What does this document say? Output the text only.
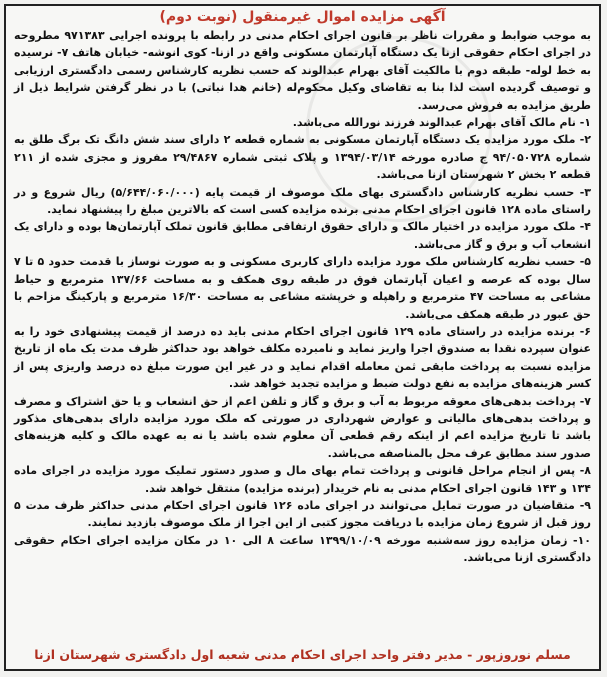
آگهی مزایده اموال غیرمنقول (نوبت دوم)

به موجب ضوابط و مقررات ناظر بر قانون اجرای احکام مدنی در رابطه با پرونده اجرایی ۹۷۱۳۸۳ مطروحه در اجرای احکام حقوقی ازنا یک دستگاه آپارتمان مسکونی واقع در ازنا- کوی انوشه- خیابان هاتف ۷- نرسیده به خط لوله- طبقه دوم با مالکیت آقای بهرام عبدالوند که حسب نظریه کارشناس رسمی دادگستری ارزیابی و توصیف گردیده است لذا بنا به تقاضای وکیل محکوم‌له (خانم هدا نباتی) با در نظر گرفتن شرایط ذیل از طریق مزایده به فروش می‌رسد.

۱- نام مالک آقای بهرام عبدالوند فرزند نورالله می‌باشد.

۲- ملک مورد مزایده یک دستگاه آپارتمان مسکونی به شماره قطعه ۲ دارای سند شش دانگ تک برگ طلق به شماره ۹۴/۰۵۰۷۲۸ ج صادره مورخه ۱۳۹۴/۰۳/۱۴ و پلاک ثبتی شماره ۲۹/۴۸۶۷ مفروز و مجزی شده از ۲۱۱ قطعه ۲ بخش ۲ شهرستان ازنا می‌باشد.

۳- حسب نظریه کارشناس دادگستری بهای ملک موصوف از قیمت پایه (۵/۶۴۴/۰۶۰/۰۰۰) ریال شروع و در راستای ماده ۱۲۸ قانون اجرای احکام مدنی برنده مزایده کسی است که بالاترین مبلغ را پیشنهاد نماید.

۴- ملک مورد مزایده در اختیار مالک و دارای حقوق ارتفاقی مطابق قانون تملک آپارتمان‌ها بوده و دارای یک انشعاب آب و برق و گاز می‌باشد.

۵- حسب نظریه کارشناس ملک مورد مزایده دارای کاربری مسکونی و به صورت نوساز با قدمت حدود ۵ تا ۷ سال بوده که عرصه و اعیان آپارتمان فوق در طبقه روی همکف و به مساحت ۱۳۷/۶۶ مترمربع و حیاط مشاعی به مساحت ۴۷ مترمربع و راهپله و خرپشته مشاعی به مساحت ۱۶/۳۰ مترمربع و پارکینگ مزاحم با حق عبور در طبقه همکف می‌باشد.

۶- برنده مزایده در راستای ماده ۱۲۹ قانون اجرای احکام مدنی باید ده درصد از قیمت پیشنهادی خود را به عنوان سپرده نقدا به صندوق اجرا واریز نماید و نامبرده مکلف خواهد بود حداکثر ظرف مدت یک ماه از تاریخ مزایده نسبت به پرداخت مابقی ثمن معامله اقدام نماید و در غیر این صورت مبلغ ده درصد واریزی پس از کسر هزینه‌های مزایده به نفع دولت ضبط و مزایده تجدید خواهد شد.

۷- پرداخت بدهی‌های معوقه مربوط به آب و برق و گاز و تلفن اعم از حق انشعاب و یا حق اشتراک و مصرف و پرداخت بدهی‌های مالیاتی و عوارض شهرداری در صورتی که ملک مورد مزایده دارای بدهی‌های مذکور باشد تا تاریخ مزایده اعم از اینکه رقم قطعی آن معلوم شده باشد یا نه به عهده مالک و کلیه هزینه‌های صدور سند مطابق عرف محل بالمناصفه می‌باشد.

۸- پس از انجام مراحل قانونی و پرداخت تمام بهای مال و صدور دستور تملیک مورد مزایده در اجرای ماده ۱۳۴ و ۱۴۳ قانون اجرای احکام مدنی به نام خریدار (برنده مزایده) منتقل خواهد شد.

۹- متقاضیان در صورت تمایل می‌توانند در اجرای ماده ۱۲۶ قانون اجرای احکام مدنی حداکثر ظرف مدت ۵ روز قبل از شروع زمان مزایده با دریافت مجوز کتبی از این اجرا از ملک موصوف بازدید نمایند.

۱۰- زمان مزایده روز سه‌شنبه مورخه ۱۳۹۹/۱۰/۰۹ ساعت ۸ الی ۱۰ در مکان مزایده اجرای احکام حقوقی دادگستری ازنا می‌باشد.

مسلم نوروزپور - مدیر دفتر واحد اجرای احکام مدنی شعبه اول دادگستری شهرستان ازنا
